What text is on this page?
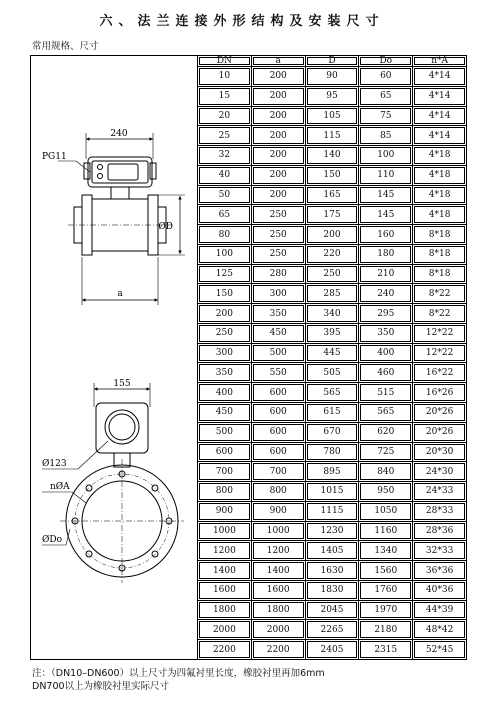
六、法兰连接外形结构及安装尺寸
常用规格、尺寸
240
PG11
ØD
a
155
Ø123
nØA
ØDo
DN	a	D	Do	n*A
10	200	90	60	4*14
15	200	95	65	4*14
20	200	105	75	4*14
25	200	115	85	4*14
32	200	140	100	4*18
40	200	150	110	4*18
50	200	165	145	4*18
65	250	175	145	4*18
80	250	200	160	8*18
100	250	220	180	8*18
125	280	250	210	8*18
150	300	285	240	8*22
200	350	340	295	8*22
250	450	395	350	12*22
300	500	445	400	12*22
350	550	505	460	16*22
400	600	565	515	16*26
450	600	615	565	20*26
500	600	670	620	20*26
600	600	780	725	20*30
700	700	895	840	24*30
800	800	1015	950	24*33
900	900	1115	1050	28*33
1000	1000	1230	1160	28*36
1200	1200	1405	1340	32*33
1400	1400	1630	1560	36*36
1600	1600	1830	1760	40*36
1800	1800	2045	1970	44*39
2000	2000	2265	2180	48*42
2200	2200	2405	2315	52*45
注：（DN10–DN600）以上尺寸为四氟衬里长度，橡胶衬里再加6mm
DN700以上为橡胶衬里实际尺寸
